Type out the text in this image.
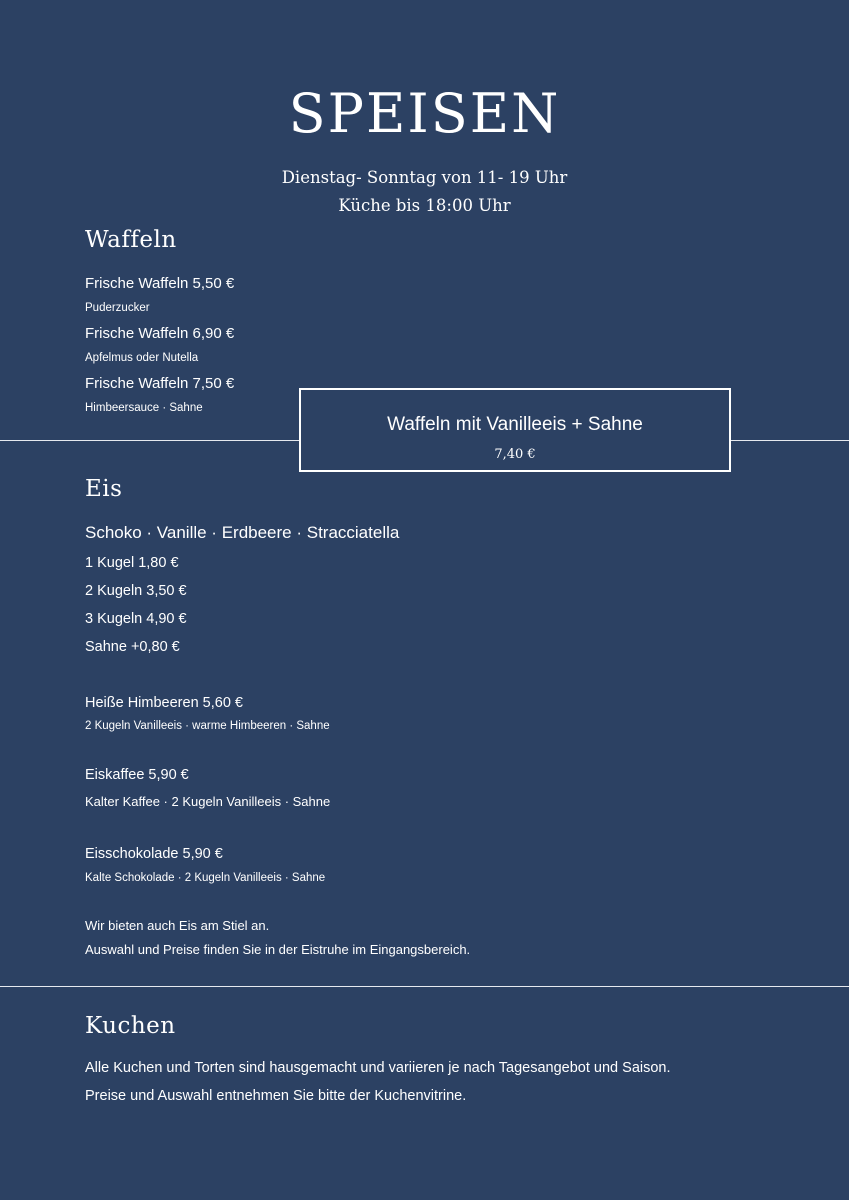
SPEISEN
Dienstag- Sonntag von 11- 19 Uhr
Küche bis 18:00 Uhr
Waffeln
Frische Waffeln 5,50 €
Puderzucker
Frische Waffeln 6,90 €
Apfelmus oder Nutella
Frische Waffeln 7,50 €
Himbeersauce · Sahne
Waffeln mit Vanilleeis + Sahne
7,40 €
Eis
Schoko · Vanille · Erdbeere · Stracciatella
1 Kugel 1,80 €
2 Kugeln 3,50 €
3 Kugeln 4,90 €
Sahne +0,80 €
Heiße Himbeeren 5,60 €
2 Kugeln Vanilleeis · warme Himbeeren · Sahne
Eiskaffee 5,90 €
Kalter Kaffee · 2 Kugeln Vanilleeis · Sahne
Eisschokolade 5,90 €
Kalte Schokolade · 2 Kugeln Vanilleeis · Sahne
Wir bieten auch Eis am Stiel an.
Auswahl und Preise finden Sie in der Eistruhe im Eingangsbereich.
Kuchen
Alle Kuchen und Torten sind hausgemacht und variieren je nach Tagesangebot und Saison.
Preise und Auswahl entnehmen Sie bitte der Kuchenvitrine.
